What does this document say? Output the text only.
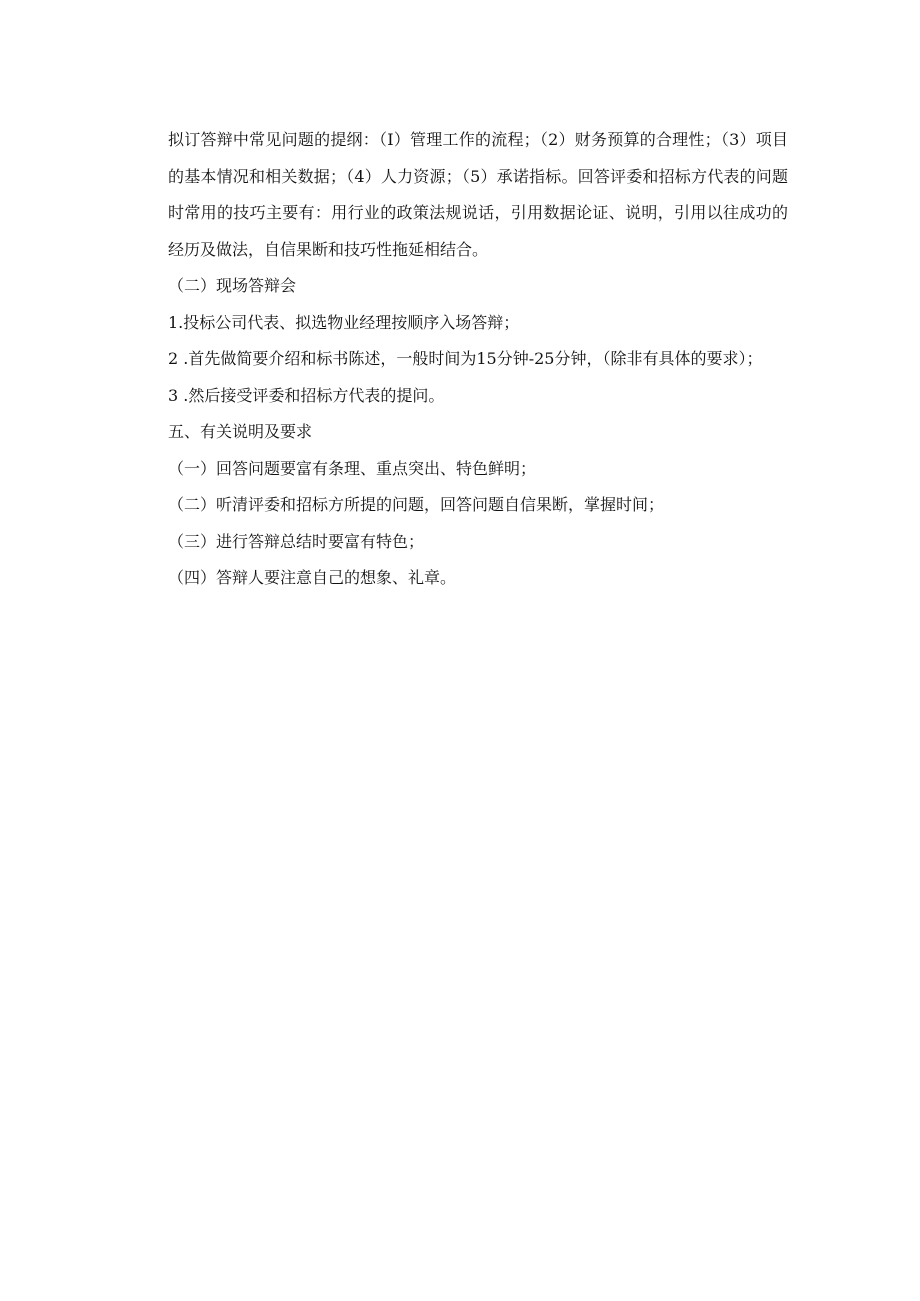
拟订答辩中常见问题的提纲：（I）管理工作的流程；（2）财务预算的合理性；（3）项目的基本情况和相关数据；（4）人力资源；（5）承诺指标。回答评委和招标方代表的问题时常用的技巧主要有：用行业的政策法规说话，引用数据论证、说明，引用以往成功的经历及做法，自信果断和技巧性拖延相结合。

（二）现场答辩会

1.投标公司代表、拟选物业经理按顺序入场答辩；

2 .首先做简要介绍和标书陈述，一般时间为15分钟-25分钟，（除非有具体的要求）；

3 .然后接受评委和招标方代表的提问。

五、有关说明及要求

（一）回答问题要富有条理、重点突出、特色鲜明；

（二）听清评委和招标方所提的问题，回答问题自信果断，掌握时间；

（三）进行答辩总结时要富有特色；

（四）答辩人要注意自己的想象、礼章。
